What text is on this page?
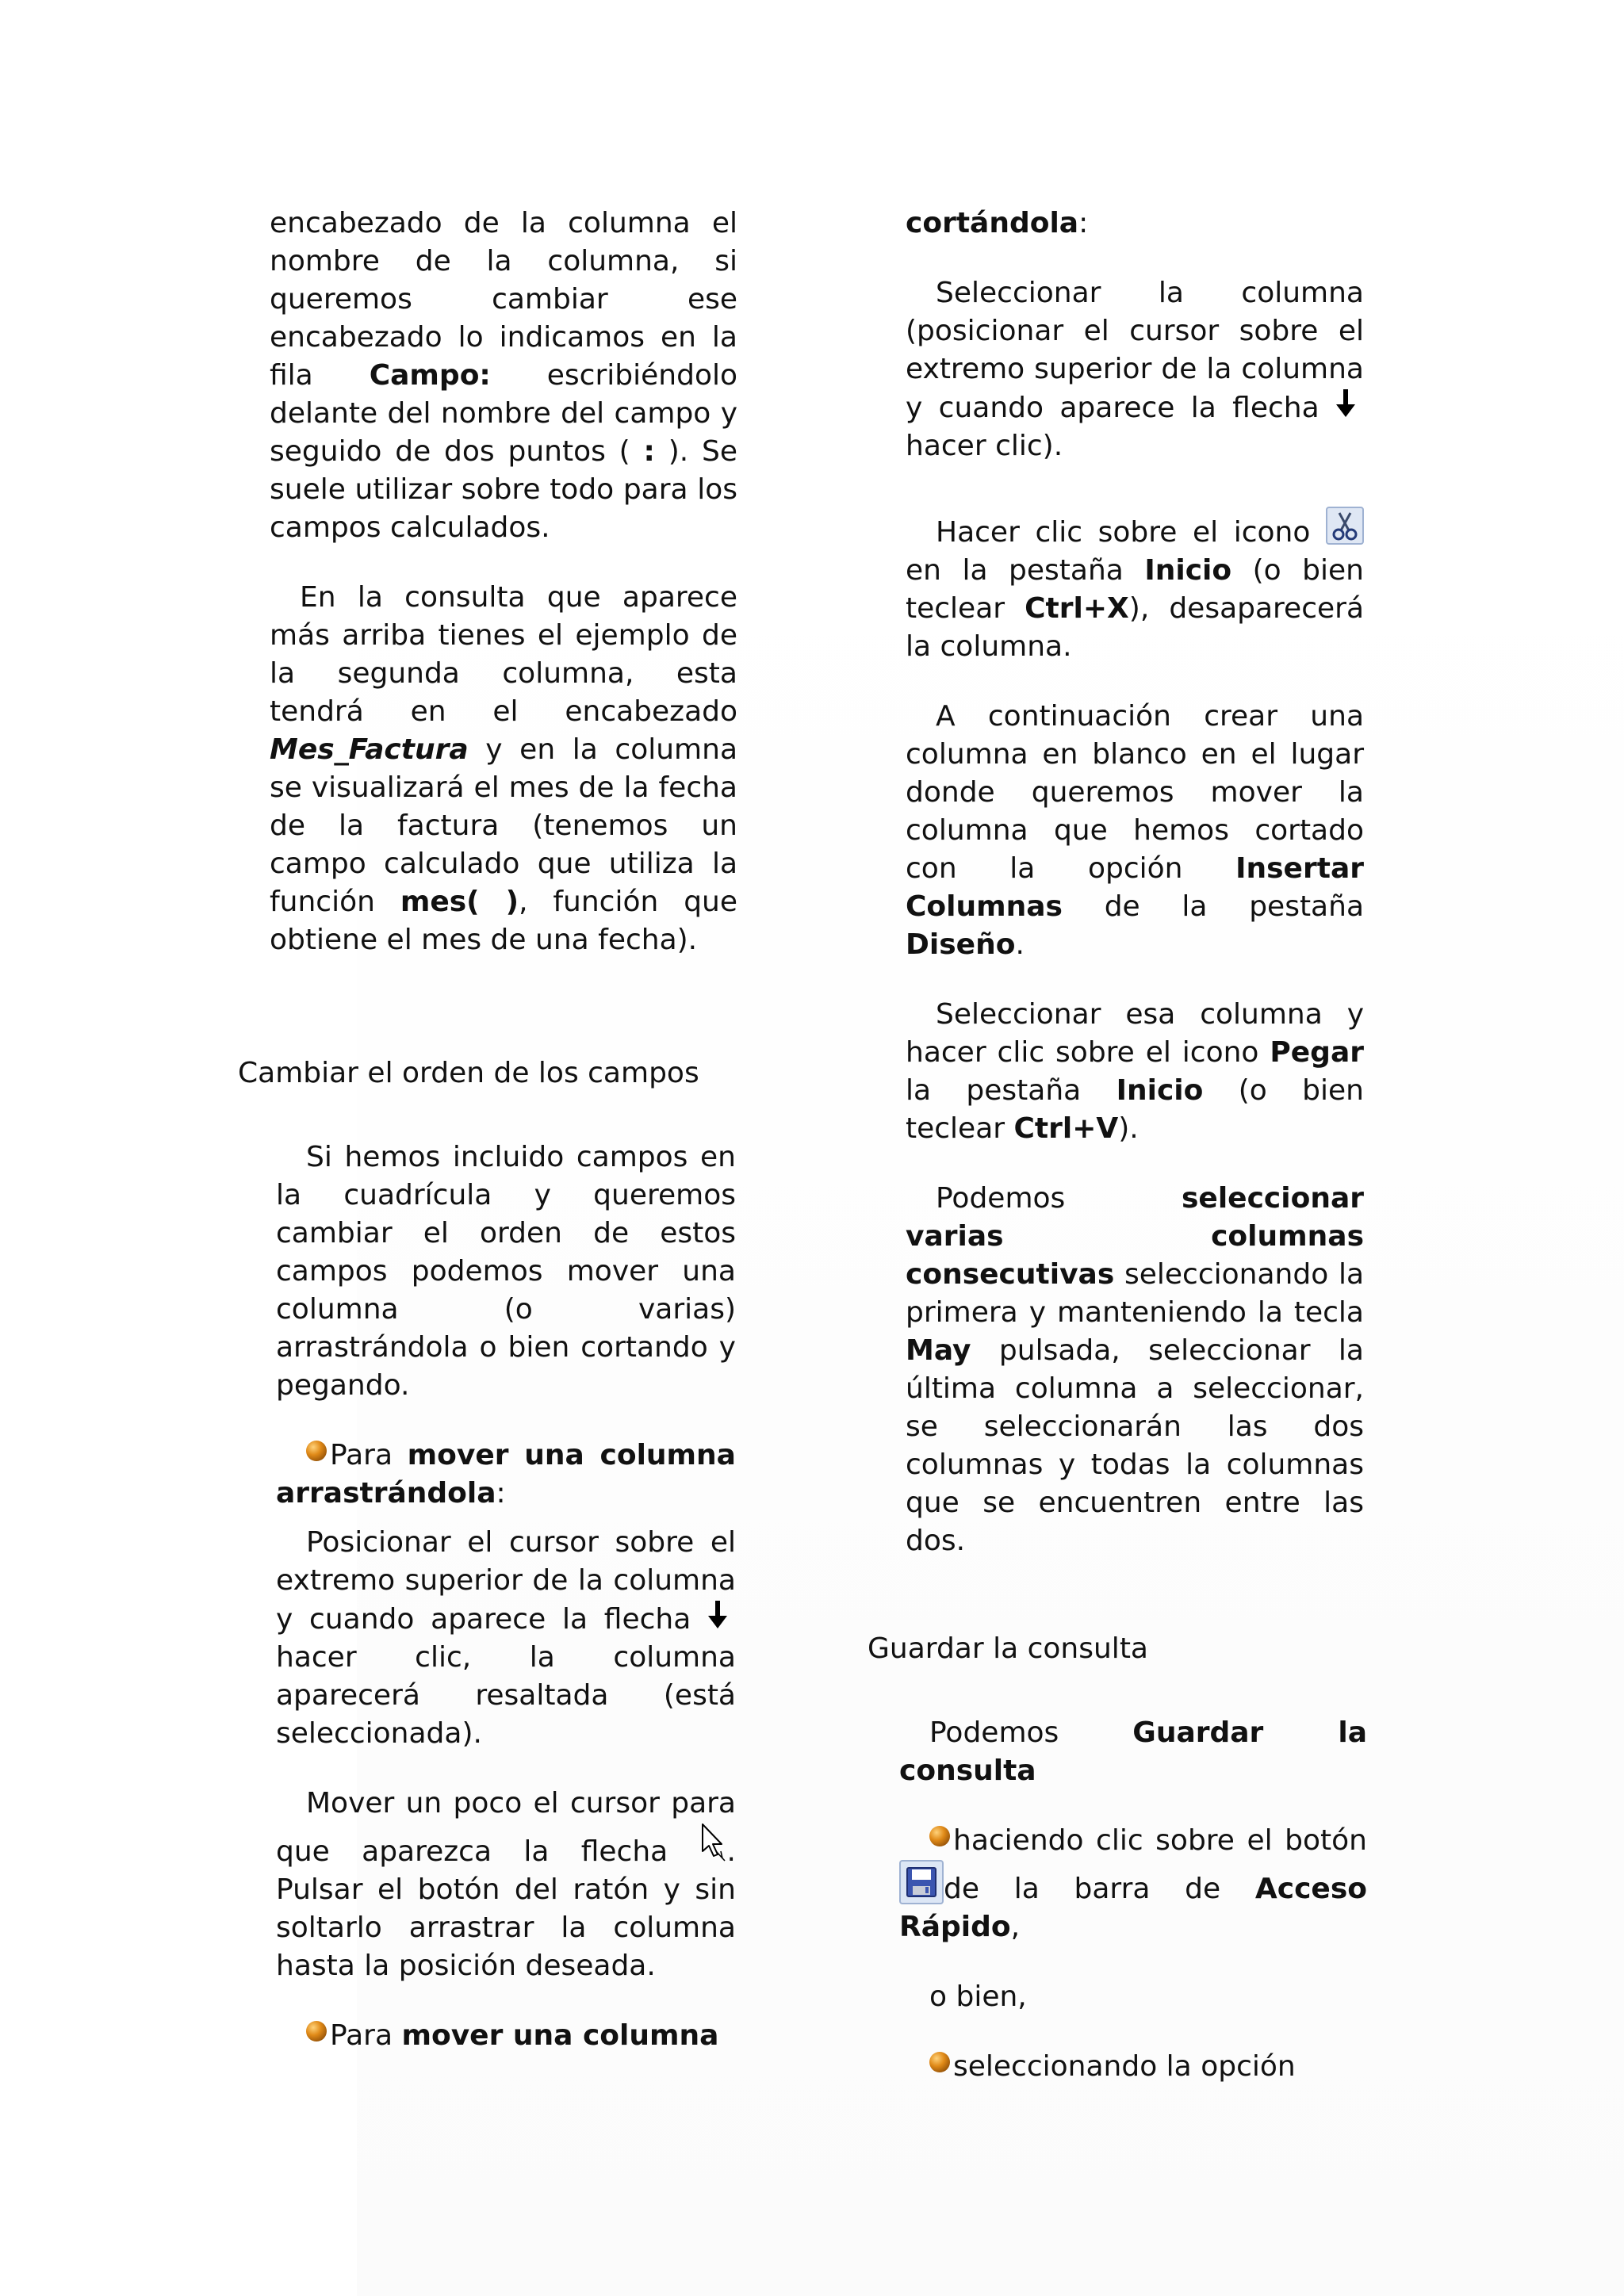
encabezado de la columna el nombre de la columna, si queremos cambiar ese encabezado lo indicamos en la fila Campo: escribiéndolo delante del nombre del campo y seguido de dos puntos ( : ). Se suele utilizar sobre todo para los campos calculados.

En la consulta que aparece más arriba tienes el ejemplo de la segunda columna, esta tendrá en el encabezado Mes_Factura y en la columna se visualizará el mes de la fecha de la factura (tenemos un campo calculado que utiliza la función mes( ), función que obtiene el mes de una fecha).

Cambiar el orden de los campos

Si hemos incluido campos en la cuadrícula y queremos cambiar el orden de estos campos podemos mover una columna (o varias) arrastrándola o bien cortando y pegando.

Para mover una columna arrastrándola:

Posicionar el cursor sobre el extremo superior de la columna y cuando aparece la flecha hacer clic, la columna aparecerá resaltada (está seleccionada).

Mover un poco el cursor para que aparezca la flecha . Pulsar el botón del ratón y sin soltarlo arrastrar la columna hasta la posición deseada.

Para mover una columna

cortándola:

Seleccionar la columna (posicionar el cursor sobre el extremo superior de la columna y cuando aparece la flecha hacer clic).

Hacer clic sobre el icono en la pestaña Inicio (o bien teclear Ctrl+X), desaparecerá la columna.

A continuación crear una columna en blanco en el lugar donde queremos mover la columna que hemos cortado con la opción Insertar Columnas de la pestaña Diseño.

Seleccionar esa columna y hacer clic sobre el icono Pegar la pestaña Inicio (o bien teclear Ctrl+V).

Podemos seleccionar varias columnas consecutivas seleccionando la primera y manteniendo la tecla May pulsada, seleccionar la última columna a seleccionar, se seleccionarán las dos columnas y todas la columnas que se encuentren entre las dos.

Guardar la consulta

Podemos Guardar la consulta

haciendo clic sobre el botón de la barra de Acceso Rápido,

o bien,

seleccionando la opción
